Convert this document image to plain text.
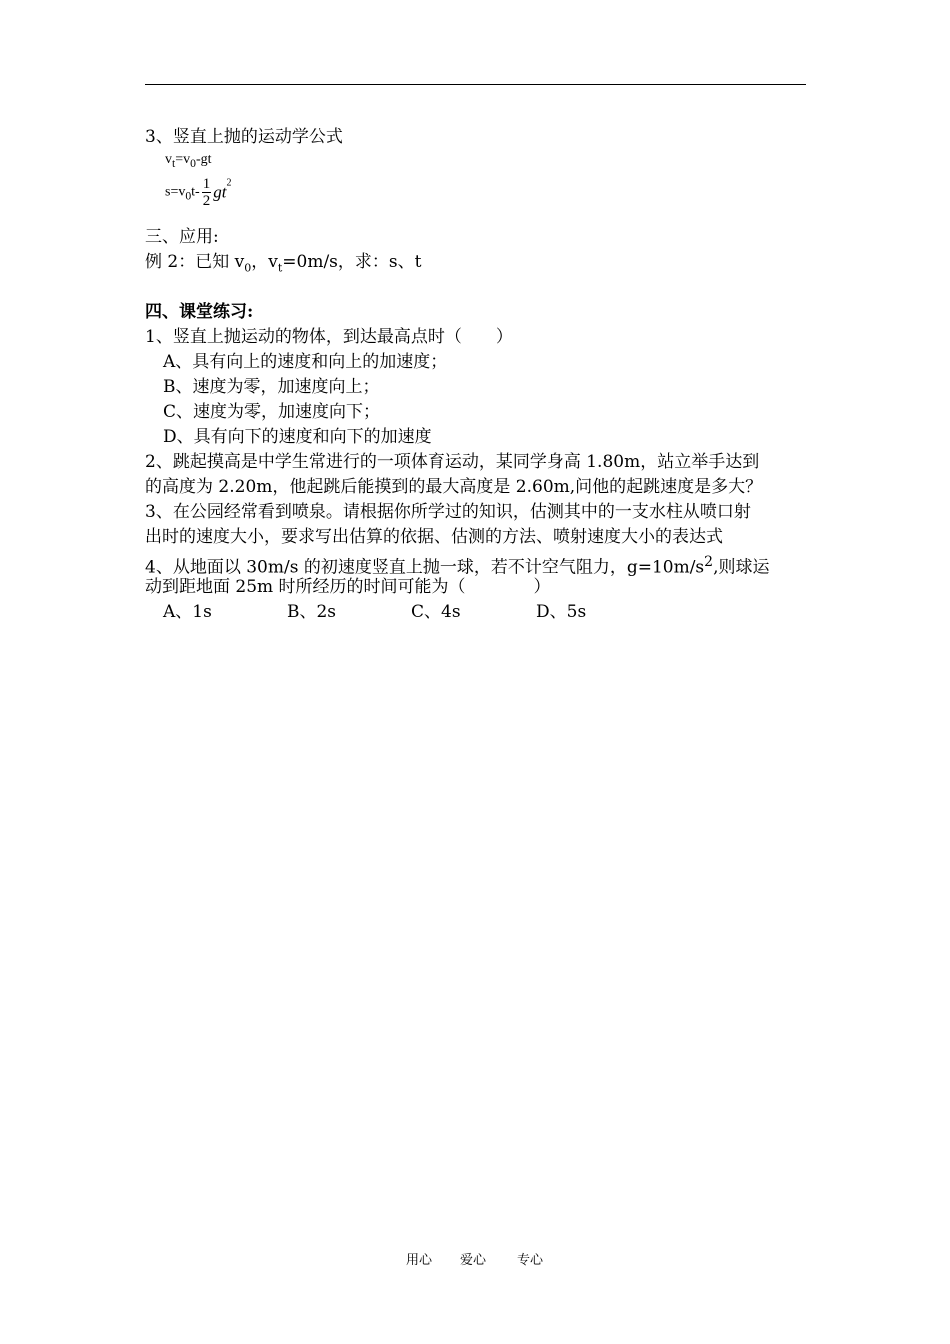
3、竖直上抛的运动学公式
$v_t=v_0-gt$
$s=v_0t- \frac{1}{2} gt^2$
三、应用:
例 2：已知 $v_0$，$v_t=0m/s$，求：s、t
四、课堂练习:
1、竖直上抛运动的物体，到达最高点时（　　）
A、具有向上的速度和向上的加速度；
B、速度为零，加速度向上；
C、速度为零，加速度向下；
D、具有向下的速度和向下的加速度
2、跳起摸高是中学生常进行的一项体育运动，某同学身高 1.80m，站立举手达到
的高度为 2.20m，他起跳后能摸到的最大高度是 2.60m,问他的起跳速度是多大？
3、在公园经常看到喷泉。请根据你所学过的知识，估测其中的一支水柱从喷口射
出时的速度大小，要求写出估算的依据、估测的方法、喷射速度大小的表达式
4、从地面以 30m/s 的初速度竖直上抛一球，若不计空气阻力，$g=10m/s^2$,则球运
动到距地面 25m 时所经历的时间可能为（　　　　）
A、1s	B、2s	C、4s	D、5s
用心 爱心 专心
